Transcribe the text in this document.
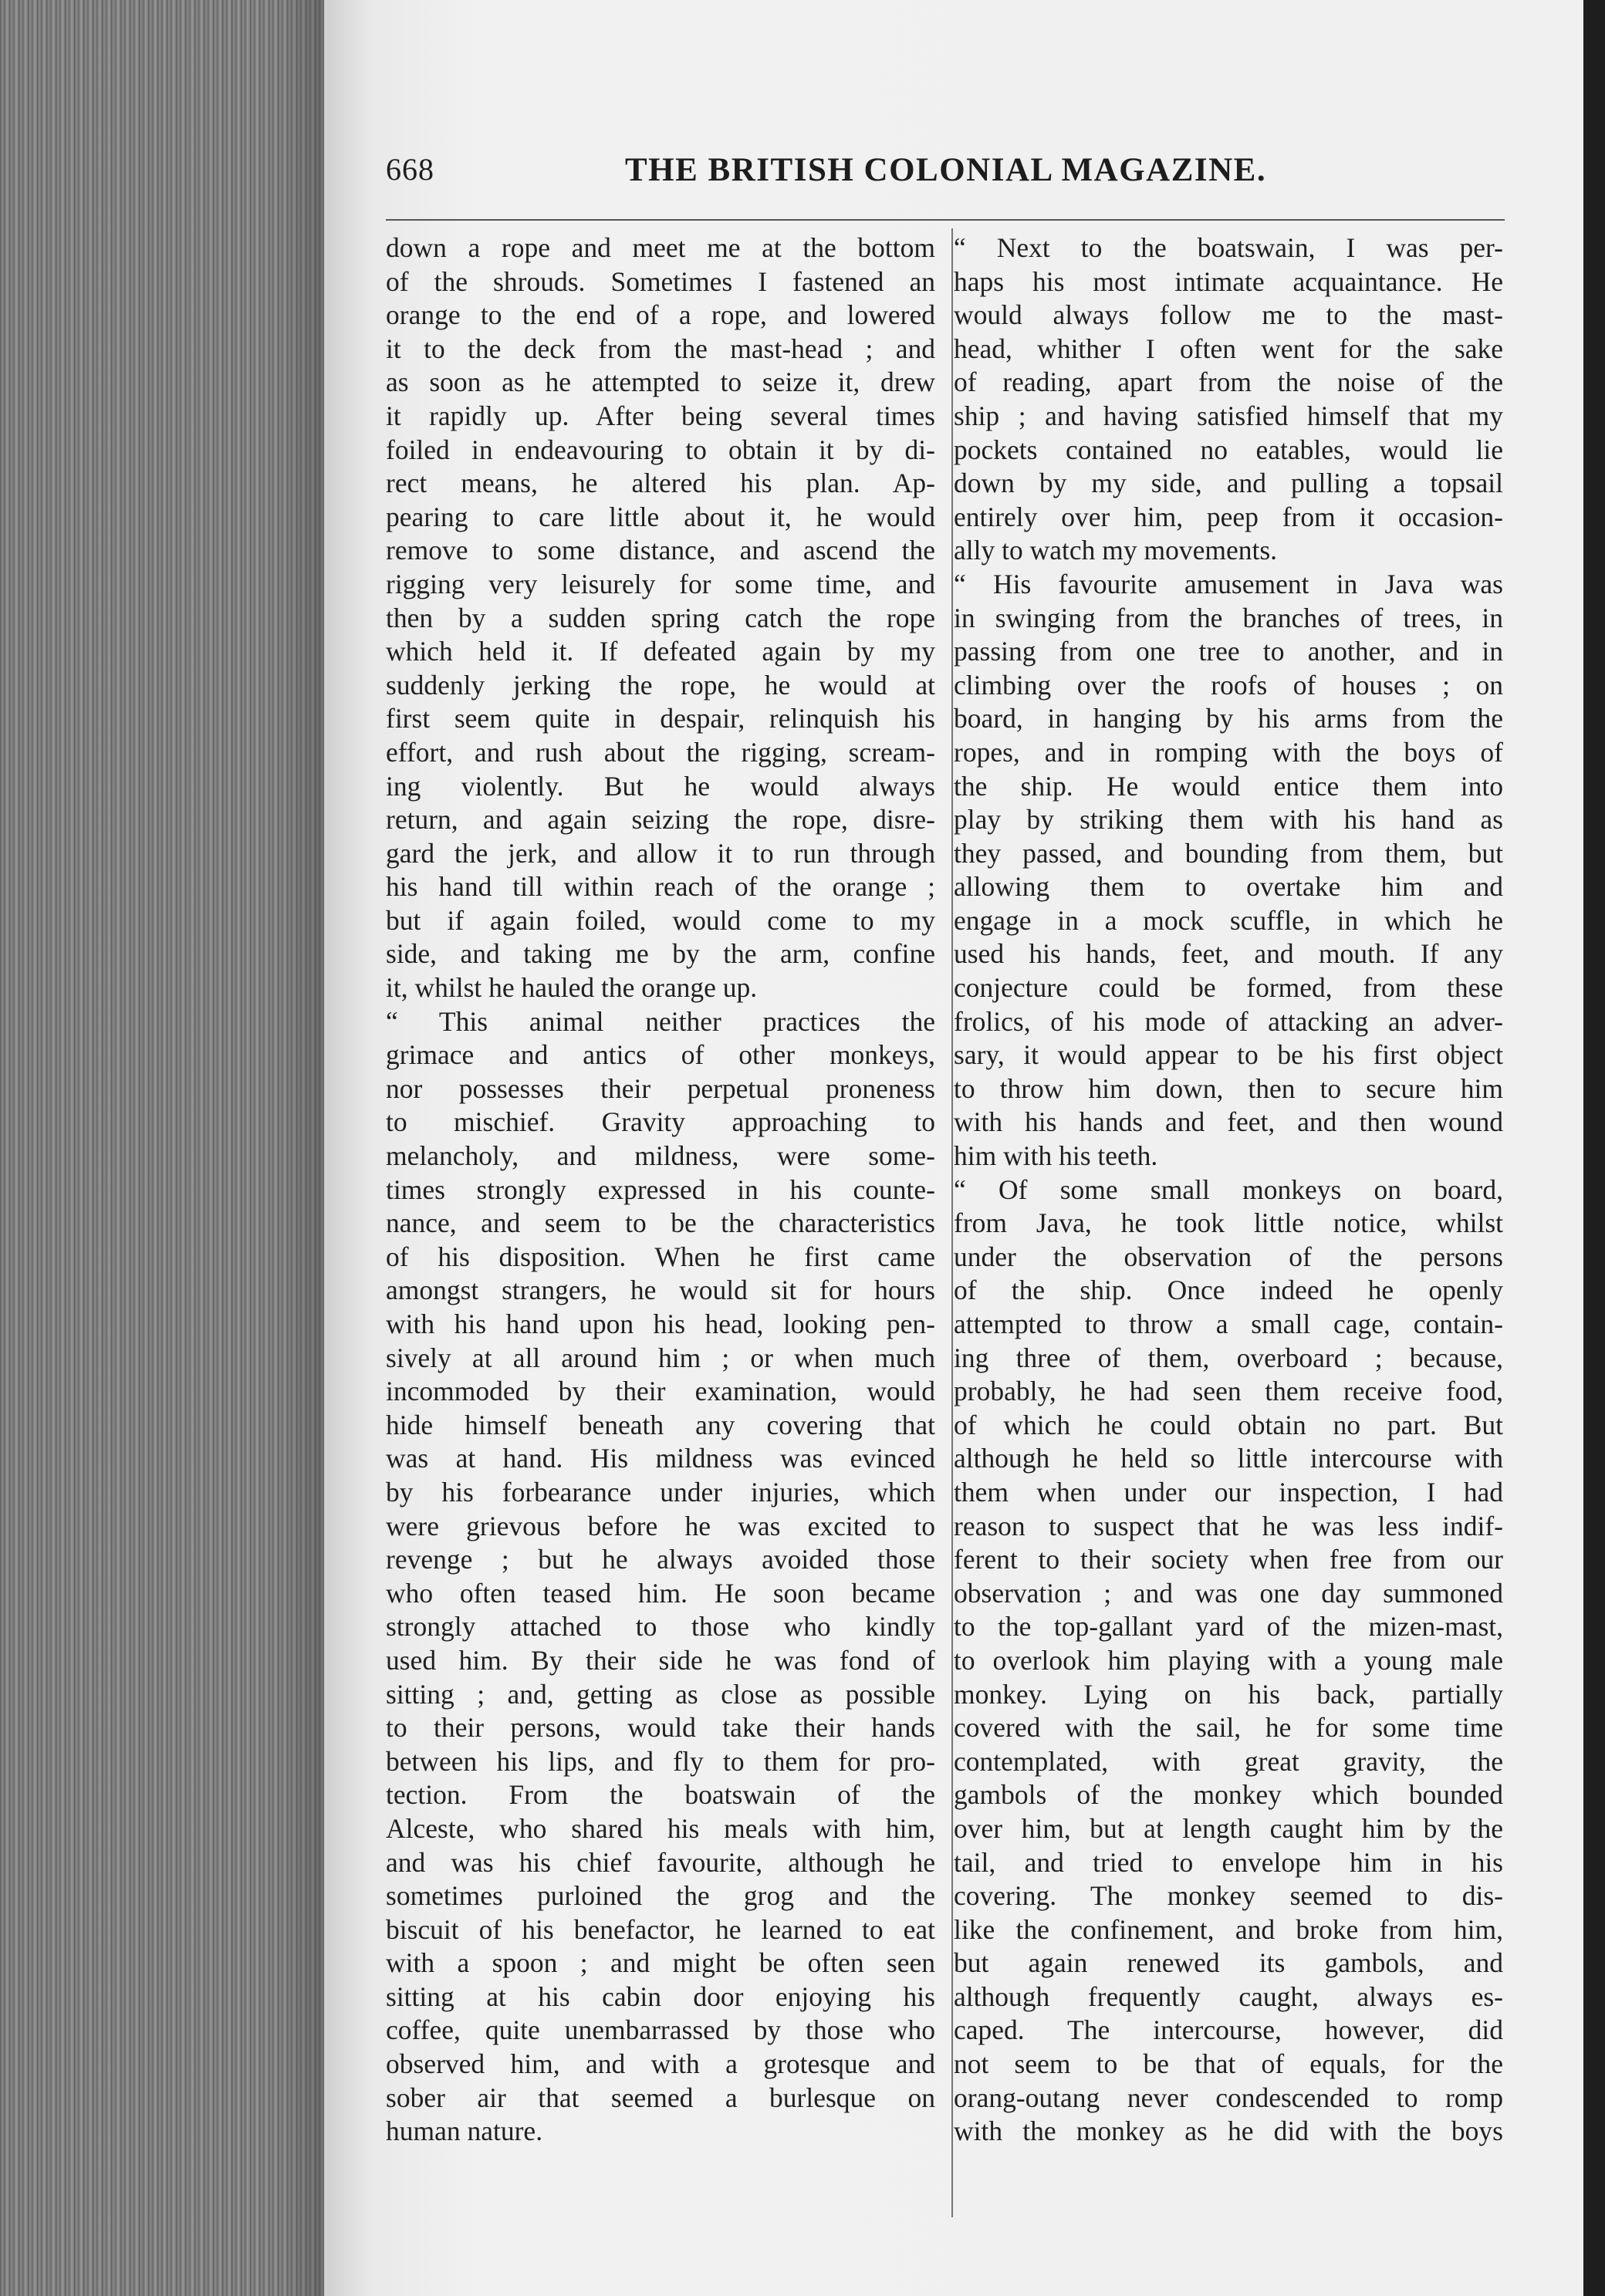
668	THE BRITISH COLONIAL MAGAZINE.
down a rope and meet me at the bottom
of the shrouds. Sometimes I fastened an
orange to the end of a rope, and lowered
it to the deck from the mast-head ; and
as soon as he attempted to seize it, drew
it rapidly up. After being several times
foiled in endeavouring to obtain it by di-
rect means, he altered his plan. Ap-
pearing to care little about it, he would
remove to some distance, and ascend the
rigging very leisurely for some time, and
then by a sudden spring catch the rope
which held it. If defeated again by my
suddenly jerking the rope, he would at
first seem quite in despair, relinquish his
effort, and rush about the rigging, scream-
ing violently. But he would always
return, and again seizing the rope, disre-
gard the jerk, and allow it to run through
his hand till within reach of the orange ;
but if again foiled, would come to my
side, and taking me by the arm, confine
it, whilst he hauled the orange up.
“ This animal neither practices the
grimace and antics of other monkeys,
nor possesses their perpetual proneness
to mischief. Gravity approaching to
melancholy, and mildness, were some-
times strongly expressed in his counte-
nance, and seem to be the characteristics
of his disposition. When he first came
amongst strangers, he would sit for hours
with his hand upon his head, looking pen-
sively at all around him ; or when much
incommoded by their examination, would
hide himself beneath any covering that
was at hand. His mildness was evinced
by his forbearance under injuries, which
were grievous before he was excited to
revenge ; but he always avoided those
who often teased him. He soon became
strongly attached to those who kindly
used him. By their side he was fond of
sitting ; and, getting as close as possible
to their persons, would take their hands
between his lips, and fly to them for pro-
tection. From the boatswain of the
Alceste, who shared his meals with him,
and was his chief favourite, although he
sometimes purloined the grog and the
biscuit of his benefactor, he learned to eat
with a spoon ; and might be often seen
sitting at his cabin door enjoying his
coffee, quite unembarrassed by those who
observed him, and with a grotesque and
sober air that seemed a burlesque on
human nature.
“ Next to the boatswain, I was per-
haps his most intimate acquaintance. He
would always follow me to the mast-
head, whither I often went for the sake
of reading, apart from the noise of the
ship ; and having satisfied himself that my
pockets contained no eatables, would lie
down by my side, and pulling a topsail
entirely over him, peep from it occasion-
ally to watch my movements.
“ His favourite amusement in Java was
in swinging from the branches of trees, in
passing from one tree to another, and in
climbing over the roofs of houses ; on
board, in hanging by his arms from the
ropes, and in romping with the boys of
the ship. He would entice them into
play by striking them with his hand as
they passed, and bounding from them, but
allowing them to overtake him and
engage in a mock scuffle, in which he
used his hands, feet, and mouth. If any
conjecture could be formed, from these
frolics, of his mode of attacking an adver-
sary, it would appear to be his first object
to throw him down, then to secure him
with his hands and feet, and then wound
him with his teeth.
“ Of some small monkeys on board,
from Java, he took little notice, whilst
under the observation of the persons
of the ship. Once indeed he openly
attempted to throw a small cage, contain-
ing three of them, overboard ; because,
probably, he had seen them receive food,
of which he could obtain no part. But
although he held so little intercourse with
them when under our inspection, I had
reason to suspect that he was less indif-
ferent to their society when free from our
observation ; and was one day summoned
to the top-gallant yard of the mizen-mast,
to overlook him playing with a young male
monkey. Lying on his back, partially
covered with the sail, he for some time
contemplated, with great gravity, the
gambols of the monkey which bounded
over him, but at length caught him by the
tail, and tried to envelope him in his
covering. The monkey seemed to dis-
like the confinement, and broke from him,
but again renewed its gambols, and
although frequently caught, always es-
caped. The intercourse, however, did
not seem to be that of equals, for the
orang-outang never condescended to romp
with the monkey as he did with the boys
